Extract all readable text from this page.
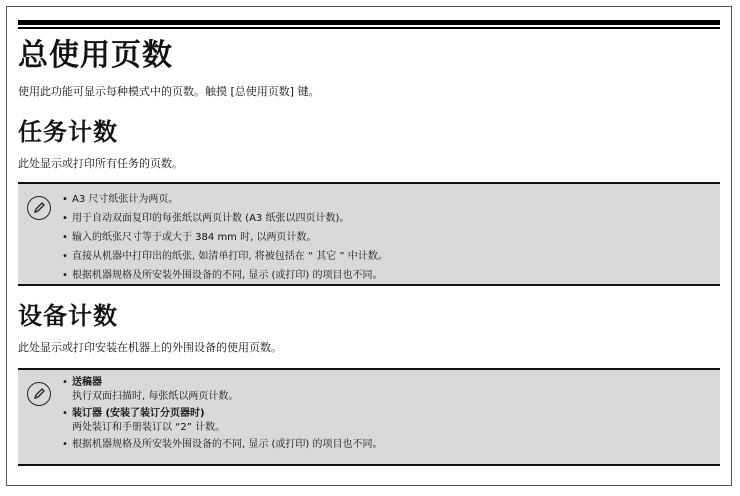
总使用页数
使用此功能可显示每种模式中的页数。触摸 [总使用页数] 键。
任务计数
此处显示或打印所有任务的页数。
• A3 尺寸纸张计为两页。
• 用于自动双面复印的每张纸以两页计数 (A3 纸张以四页计数)。
• 输入的纸张尺寸等于或大于 384 mm 时, 以两页计数。
• 直接从机器中打印出的纸张, 如清单打印, 将被包括在 “ 其它 ” 中计数。
• 根据机器规格及所安装外围设备的不同, 显示 (或打印) 的项目也不同。
设备计数
此处显示或打印安装在机器上的外围设备的使用页数。
• 送稿器
执行双面扫描时, 每张纸以两页计数。
• 装订器 (安装了装订分页器时)
两处装订和手册装订以 “2” 计数。
• 根据机器规格及所安装外围设备的不同, 显示 (或打印) 的项目也不同。
